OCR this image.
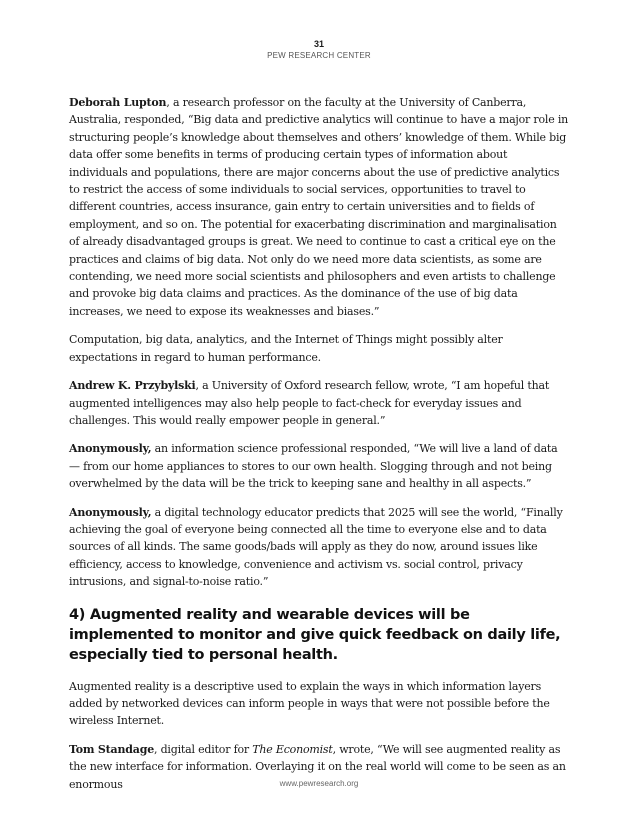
31
PEW RESEARCH CENTER

Deborah Lupton, a research professor on the faculty at the University of Canberra, Australia, responded, “Big data and predictive analytics will continue to have a major role in structuring people’s knowledge about themselves and others’ knowledge of them. While big data offer some benefits in terms of producing certain types of information about individuals and populations, there are major concerns about the use of predictive analytics to restrict the access of some individuals to social services, opportunities to travel to different countries, access insurance, gain entry to certain universities and to fields of employment, and so on. The potential for exacerbating discrimination and marginalisation of already disadvantaged groups is great. We need to continue to cast a critical eye on the practices and claims of big data. Not only do we need more data scientists, as some are contending, we need more social scientists and philosophers and even artists to challenge and provoke big data claims and practices. As the dominance of the use of big data increases, we need to expose its weaknesses and biases.”

Computation, big data, analytics, and the Internet of Things might possibly alter expectations in regard to human performance.

Andrew K. Przybylski, a University of Oxford research fellow, wrote, “I am hopeful that augmented intelligences may also help people to fact-check for everyday issues and challenges. This would really empower people in general.”

Anonymously, an information science professional responded, “We will live a land of data — from our home appliances to stores to our own health. Slogging through and not being overwhelmed by the data will be the trick to keeping sane and healthy in all aspects.”

Anonymously, a digital technology educator predicts that 2025 will see the world, “Finally achieving the goal of everyone being connected all the time to everyone else and to data sources of all kinds. The same goods/bads will apply as they do now, around issues like efficiency, access to knowledge, convenience and activism vs. social control, privacy intrusions, and signal-to-noise ratio.”

4) Augmented reality and wearable devices will be implemented to monitor and give quick feedback on daily life, especially tied to personal health.

Augmented reality is a descriptive used to explain the ways in which information layers added by networked devices can inform people in ways that were not possible before the wireless Internet.

Tom Standage, digital editor for The Economist, wrote, “We will see augmented reality as the new interface for information. Overlaying it on the real world will come to be seen as an enormous	www.pewresearch.org
